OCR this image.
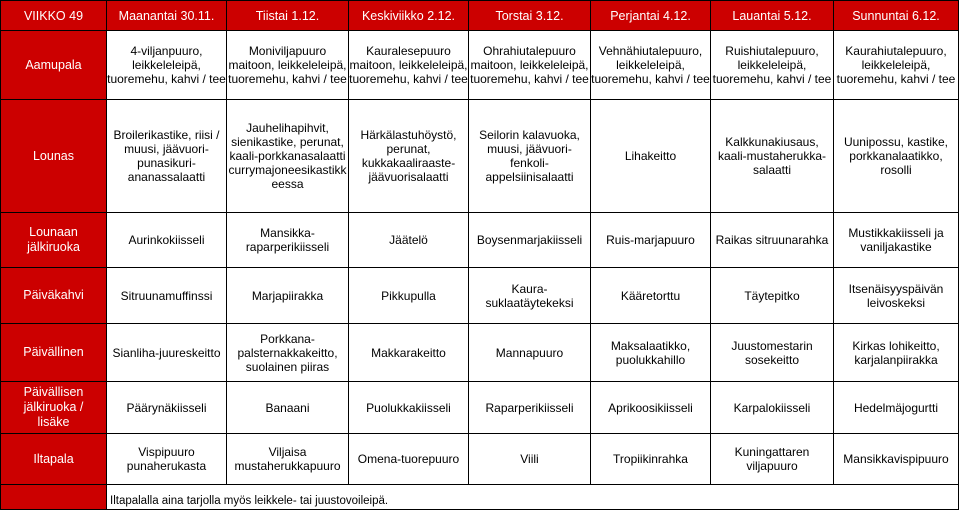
VIIKKO 49	Maanantai 30.11.	Tiistai 1.12.	Keskiviikko 2.12.	Torstai 3.12.	Perjantai 4.12.	Lauantai 5.12.	Sunnuntai 6.12.
Aamupala	4-viljanpuuro,
leikkeleleipä,
tuoremehu, kahvi / tee	Moniviljapuuro
maitoon, leikkeleleipä,
tuoremehu, kahvi / tee	Kauralesepuuro
maitoon, leikkeleleipä,
tuoremehu, kahvi / tee	Ohrahiutalepuuro
maitoon, leikkeleleipä,
tuoremehu, kahvi / tee	Vehnähiutalepuuro,
leikkeleleipä,
tuoremehu, kahvi / tee	Ruishiutalepuuro,
leikkeleleipä,
tuoremehu, kahvi / tee	Kaurahiutalepuuro,
leikkeleleipä,
tuoremehu, kahvi / tee
Lounas	Broilerikastike, riisi /
muusi, jäävuori-
punasikuri-
ananassalaatti	Jauhelihapihvit,
sienikastike, perunat,
kaali-porkkanasalaatti
currymajoneesikastikk
eessa	Härkälastuhöystö,
perunat,
kukkakaaliraaste-
jäävuorisalaatti	Seilorin kalavuoka,
muusi, jäävuori-
fenkoli-
appelsiinisalaatti	Lihakeitto	Kalkkunakiusaus,
kaali-mustaherukka-
salaatti	Uunipossu, kastike,
porkkanalaatikko,
rosolli
Lounaan
jälkiruoka	Aurinkokiisseli	Mansikka-
raparperikiisseli	Jäätelö	Boysenmarjakiisseli	Ruis-marjapuuro	Raikas sitruunarahka	Mustikkakiisseli ja
vaniljakastike
Päiväkahvi	Sitruunamuffinssi	Marjapiirakka	Pikkupulla	Kaura-
suklaatäytekeksi	Kääretorttu	Täytepitko	Itsenäisyyspäivän
leivoskeksi
Päivällinen	Sianliha-juureskeitto	Porkkana-
palsternakkakeitto,
suolainen piiras	Makkarakeitto	Mannapuuro	Maksalaatikko,
puolukkahillo	Juustomestarin
sosekeitto	Kirkas lohikeitto,
karjalanpiirakka
Päivällisen
jälkiruoka /
lisäke	Päärynäkiisseli	Banaani	Puolukkakiisseli	Raparperikiisseli	Aprikoosikiisseli	Karpalokiisseli	Hedelmäjogurtti
Iltapala	Vispipuuro
punaherukasta	Viljaisa
mustaherukkapuuro	Omena-tuorepuuro	Viili	Tropiikinrahka	Kuningattaren
viljapuuro	Mansikkavispipuuro
	Iltapalalla aina tarjolla myös leikkele- tai juustovoileipä.						
